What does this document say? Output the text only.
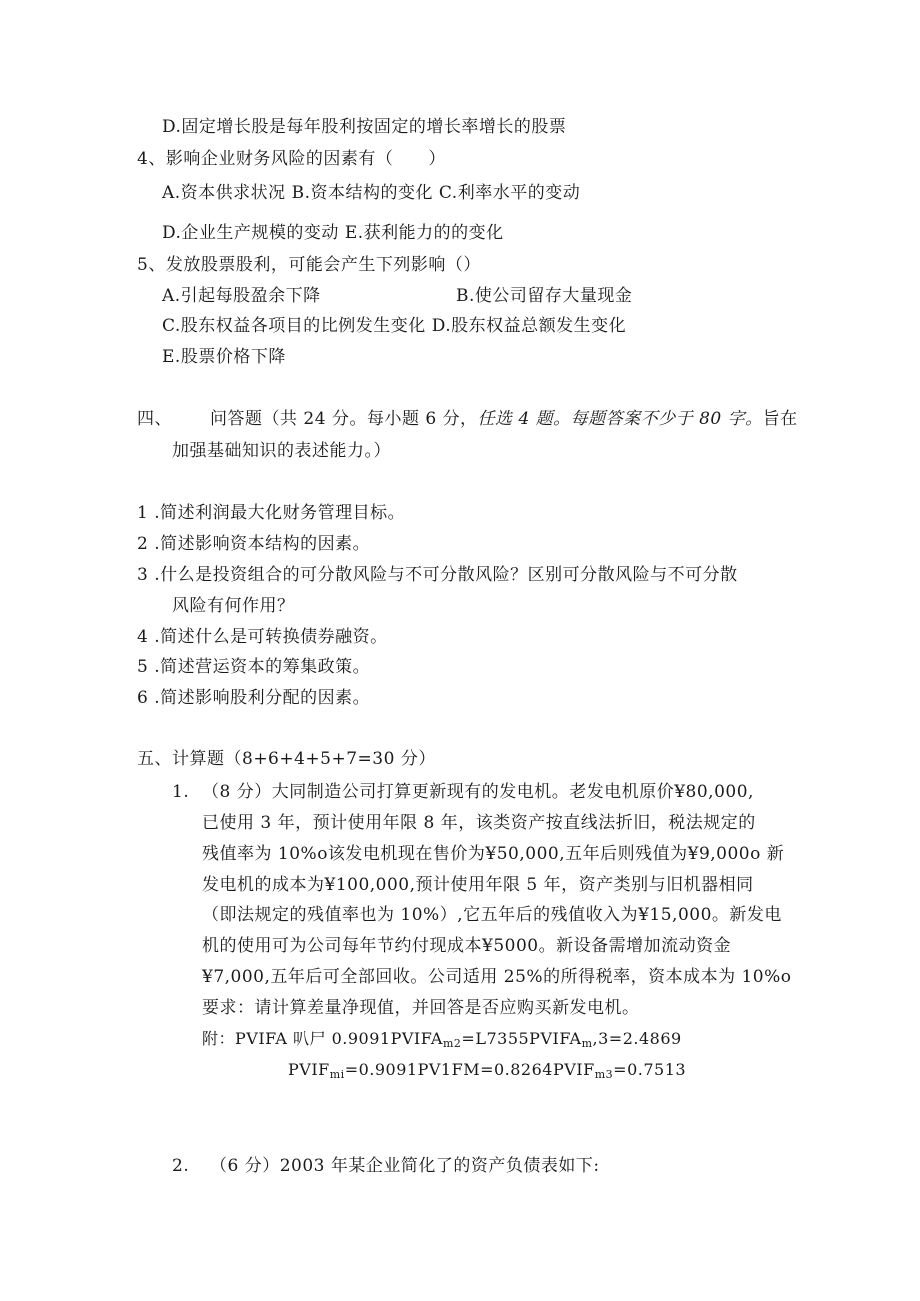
D.固定增长股是每年股利按固定的增长率增长的股票
4、影响企业财务风险的因素有（　　）
A.资本供求状况 B.资本结构的变化 C.利率水平的变动
D.企业生产规模的变动 E.获利能力的的变化
5、发放股票股利，可能会产生下列影响（）
A.引起每股盈余下降	B.使公司留存大量现金
C.股东权益各项目的比例发生变化 D.股东权益总额发生变化
E.股票价格下降
四、 问答题（共 24 分。每小题 6 分，任选 4 题。每题答案不少于 80 字。旨在
加强基础知识的表述能力。）
1 .简述利润最大化财务管理目标。
2 .简述影响资本结构的因素。
3 .什么是投资组合的可分散风险与不可分散风险？区别可分散风险与不可分散
风险有何作用？
4 .简述什么是可转换债券融资。
5 .简述营运资本的筹集政策。
6 .简述影响股利分配的因素。
五、计算题（8+6+4+5+7=30 分）
1. （8 分）大同制造公司打算更新现有的发电机。老发电机原价¥80,000,
已使用 3 年，预计使用年限 8 年，该类资产按直线法折旧，税法规定的
残值率为 10%o该发电机现在售价为¥50,000,五年后则残值为¥9,000o 新
发电机的成本为¥100,000,预计使用年限 5 年，资产类别与旧机器相同
（即法规定的残值率也为 10%）,它五年后的残值收入为¥15,000。新发电
机的使用可为公司每年节约付现成本¥5000。新设备需增加流动资金
¥7,000,五年后可全部回收。公司适用 25%的所得税率，资本成本为 10%o
要求：请计算差量净现值，并回答是否应购买新发电机。
附：PVIFA 叭尸 $0.9091PVIFA_{m2}=L7355PVIFA_m,3=2.4869$
$PVIF_{mi}=0.9091PV1FM=0.8264PVIF_{m3}=0.7513$
2. （6 分）2003 年某企业简化了的资产负债表如下:
